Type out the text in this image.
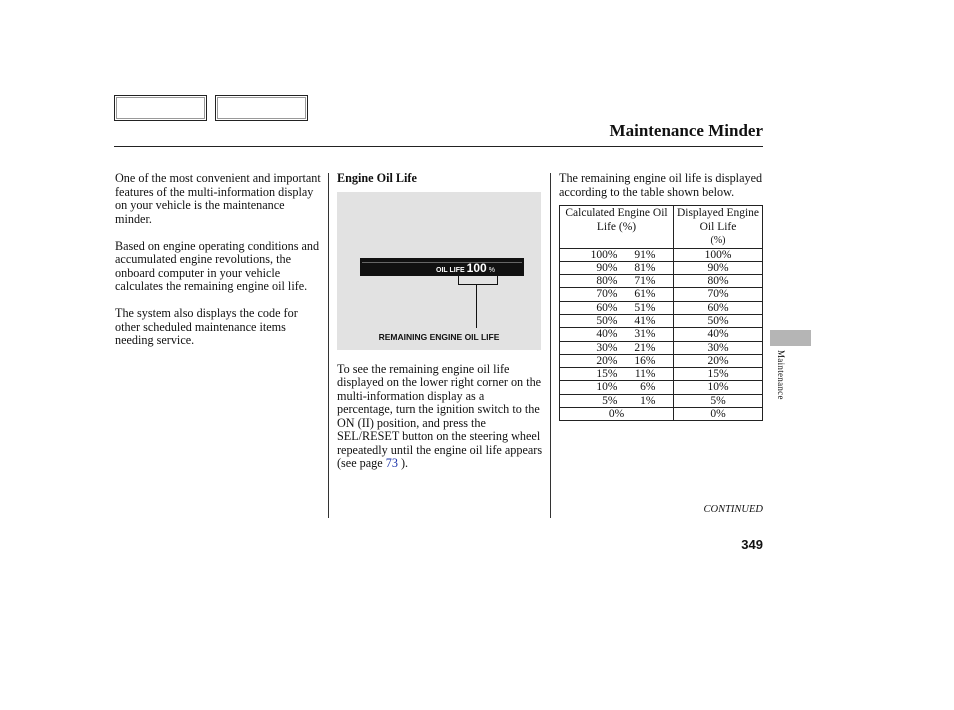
Maintenance Minder

One of the most convenient and important features of the multi-information display on your vehicle is the maintenance minder.

Based on engine operating conditions and accumulated engine revolutions, the onboard computer in your vehicle calculates the remaining engine oil life.

The system also displays the code for other scheduled maintenance items needing service.

Engine Oil Life
OIL LIFE 100 %
REMAINING ENGINE OIL LIFE

To see the remaining engine oil life displayed on the lower right corner on the multi-information display as a percentage, turn the ignition switch to the ON (II) position, and press the SEL/RESET button on the steering wheel repeatedly until the engine oil life appears (see page 73 ).

The remaining engine oil life is displayed according to the table shown below.

Calculated Engine Oil Life (%)	Displayed Engine Oil Life
(%)
100% 91%	100%
90% 81%	90%
80% 71%	80%
70% 61%	70%
60% 51%	60%
50% 41%	50%
40% 31%	40%
30% 21%	30%
20% 16%	20%
15% 11%	15%
10% 6%	10%
5% 1%	5%
0%	0%
CONTINUED
349
Maintenance
